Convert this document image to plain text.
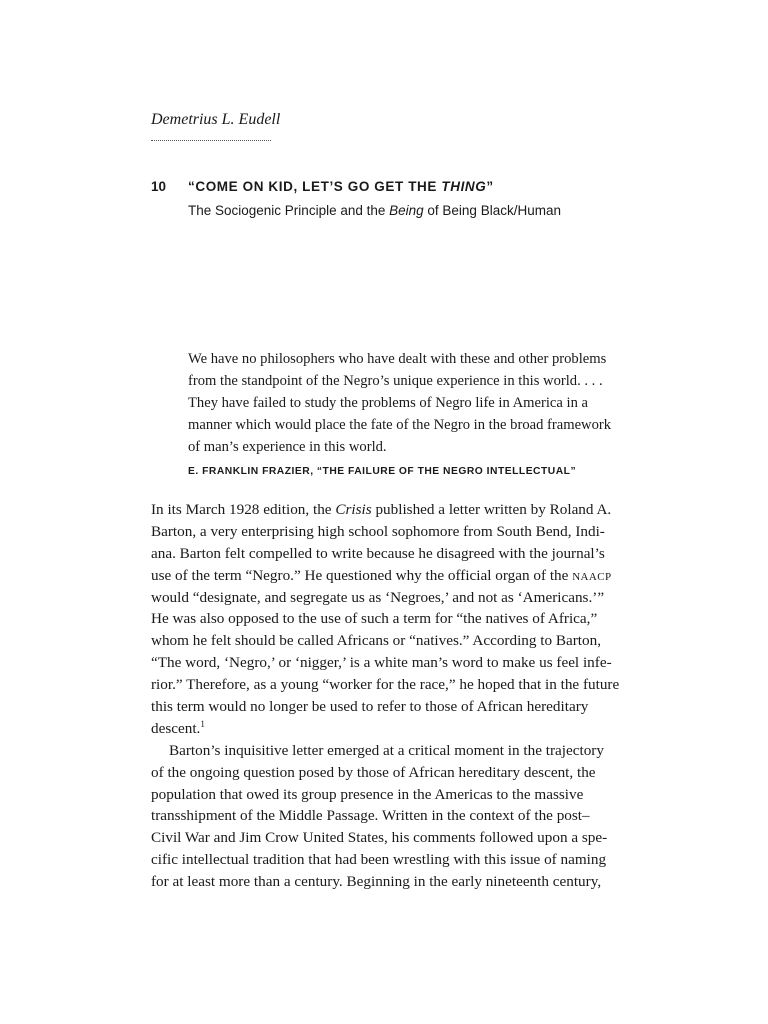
Demetrius L. Eudell

10 “COME ON KID, LET’S GO GET THE THING”
The Sociogenic Principle and the Being of Being Black/Human
We have no philosophers who have dealt with these and other problems
from the standpoint of the Negro’s unique experience in this world. . . .
They have failed to study the problems of Negro life in America in a
manner which would place the fate of the Negro in the broad framework
of man’s experience in this world.

E. FRANKLIN FRAZIER, “THE FAILURE OF THE NEGRO INTELLECTUAL”

In its March 1928 edition, the Crisis published a letter written by Roland A.
Barton, a very enterprising high school sophomore from South Bend, Indi-
ana. Barton felt compelled to write because he disagreed with the journal’s
use of the term “Negro.” He questioned why the official organ of the naacp
would “designate, and segregate us as ‘Negroes,’ and not as ‘Americans.’”
He was also opposed to the use of such a term for “the natives of Africa,”
whom he felt should be called Africans or “natives.” According to Barton,
“The word, ‘Negro,’ or ‘nigger,’ is a white man’s word to make us feel infe-
rior.” Therefore, as a young “worker for the race,” he hoped that in the future
this term would no longer be used to refer to those of African hereditary
descent.$^1$
Barton’s inquisitive letter emerged at a critical moment in the trajectory
of the ongoing question posed by those of African hereditary descent, the
population that owed its group presence in the Americas to the massive
transshipment of the Middle Passage. Written in the context of the post–
Civil War and Jim Crow United States, his comments followed upon a spe-
cific intellectual tradition that had been wrestling with this issue of naming
for at least more than a century. Beginning in the early nineteenth century,
